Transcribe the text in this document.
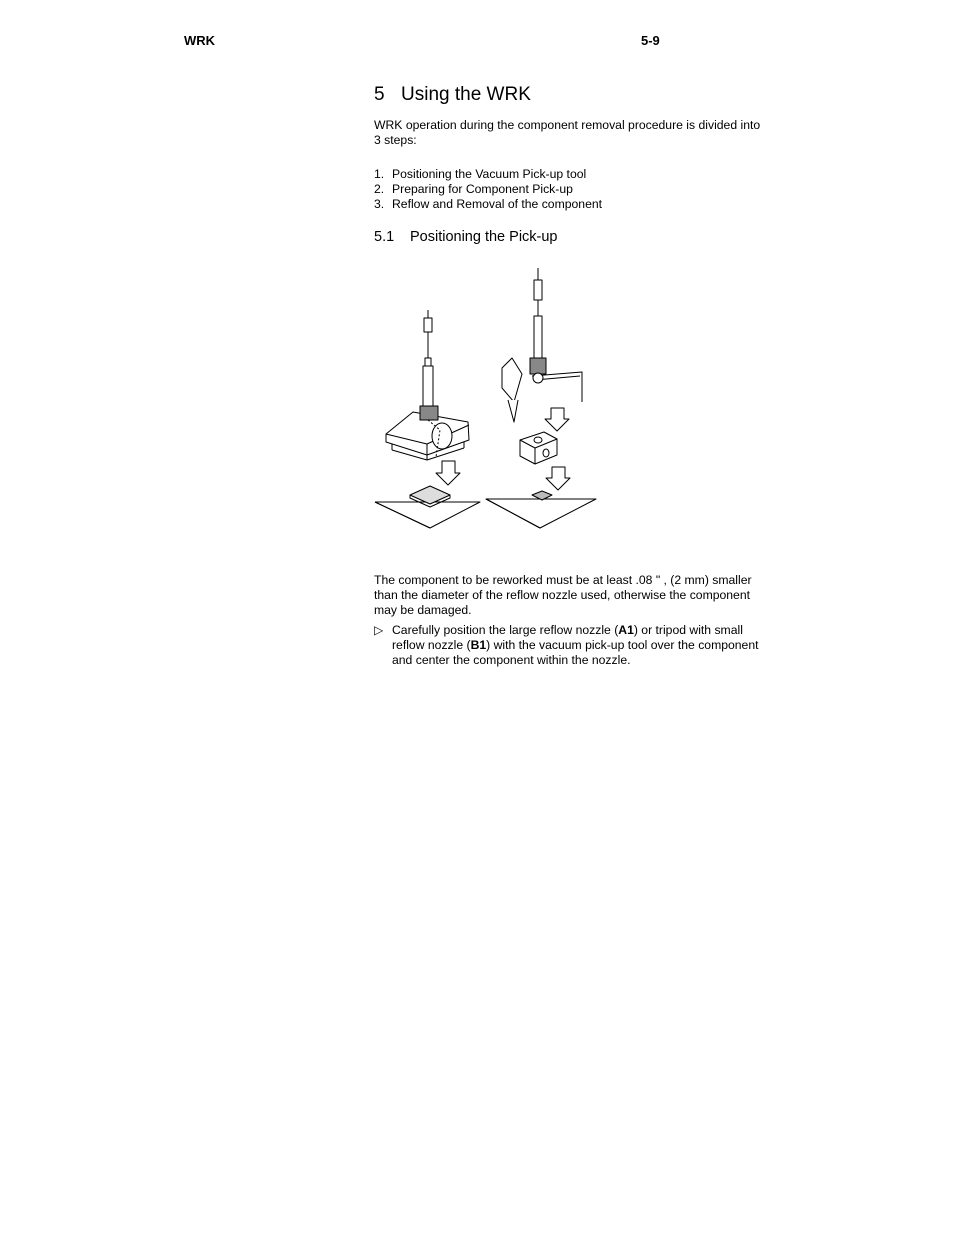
WRK	5-9
5 Using the WRK
WRK operation during the component removal procedure is divided into 3 steps:
1. Positioning the Vacuum Pick-up tool
2. Preparing for Component Pick-up
3. Reflow and Removal of the component
5.1 Positioning the Pick-up
The component to be reworked must be at least .08 " , (2 mm) smaller than the diameter of the reflow nozzle used, otherwise the component may be damaged.
▷ Carefully position the large reflow nozzle (A1) or tripod with small reflow nozzle (B1) with the vacuum pick-up tool over the component and center the component within the nozzle.
